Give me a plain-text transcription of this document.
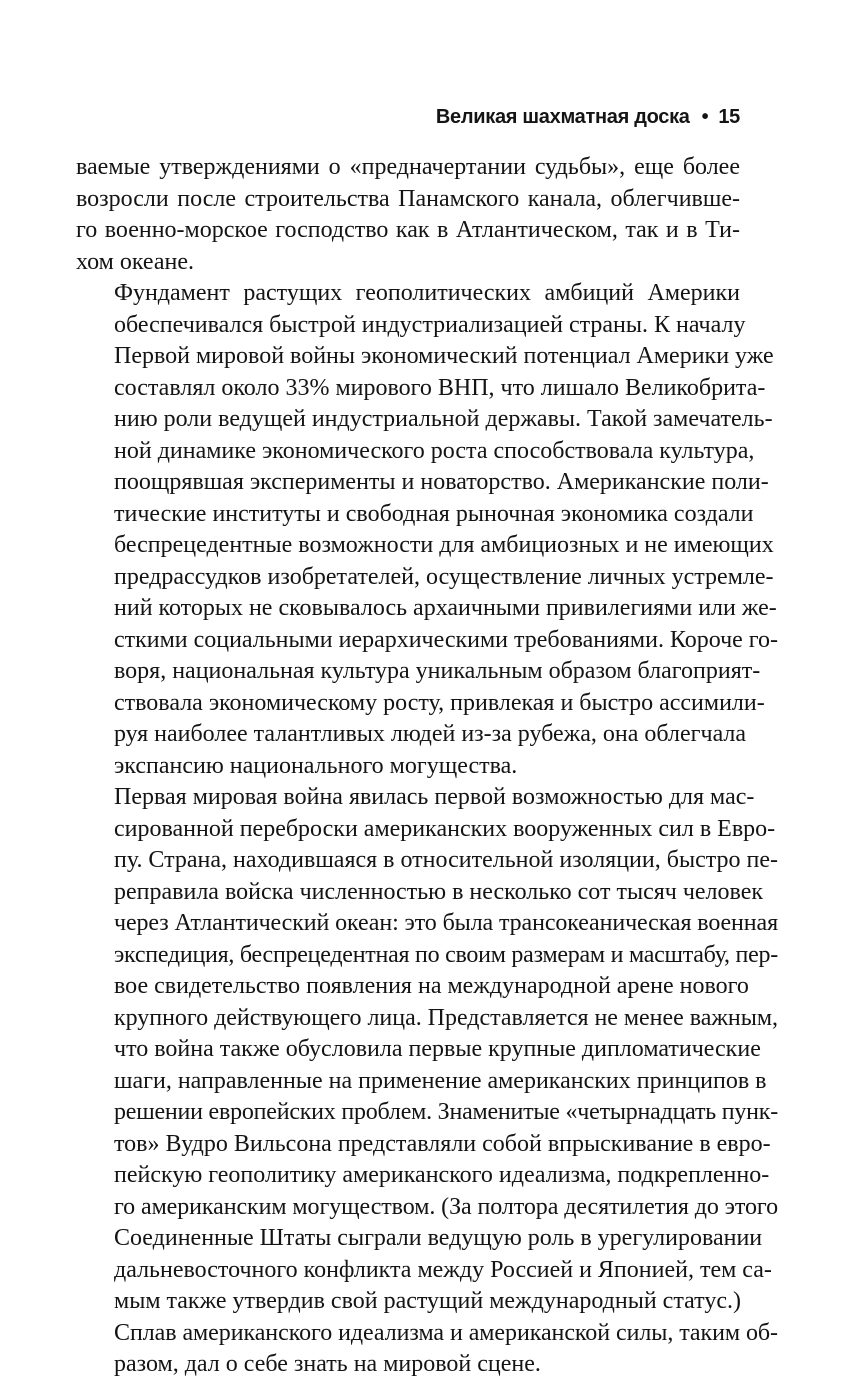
Великая шахматная доска • 15

ваемые утверждениями о «предначертании судьбы», еще более
возросли после строительства Панамского канала, облегчивше-
го военно-морское господство как в Атлантическом, так и в Ти-
хом океане.

Фундамент растущих геополитических амбиций Америки
обеспечивался быстрой индустриализацией страны. К началу
Первой мировой войны экономический потенциал Америки уже
составлял около 33% мирового ВНП, что лишало Великобрита-
нию роли ведущей индустриальной державы. Такой замечатель-
ной динамике экономического роста способствовала культура,
поощрявшая эксперименты и новаторство. Американские поли-
тические институты и свободная рыночная экономика создали
беспрецедентные возможности для амбициозных и не имеющих
предрассудков изобретателей, осуществление личных устремле-
ний которых не сковывалось архаичными привилегиями или же-
сткими социальными иерархическими требованиями. Короче го-
воря, национальная культура уникальным образом благоприят-
ствовала экономическому росту, привлекая и быстро ассимили-
руя наиболее талантливых людей из-за рубежа, она облегчала
экспансию национального могущества.

Первая мировая война явилась первой возможностью для мас-
сированной переброски американских вооруженных сил в Евро-
пу. Страна, находившаяся в относительной изоляции, быстро пе-
реправила войска численностью в несколько сот тысяч человек
через Атлантический океан: это была трансокеаническая военная
экспедиция, беспрецедентная по своим размерам и масштабу, пер-
вое свидетельство появления на международной арене нового
крупного действующего лица. Представляется не менее важным,
что война также обусловила первые крупные дипломатические
шаги, направленные на применение американских принципов в
решении европейских проблем. Знаменитые «четырнадцать пунк-
тов» Вудро Вильсона представляли собой впрыскивание в евро-
пейскую геополитику американского идеализма, подкрепленно-
го американским могуществом. (За полтора десятилетия до этого
Соединенные Штаты сыграли ведущую роль в урегулировании
дальневосточного конфликта между Россией и Японией, тем са-
мым также утвердив свой растущий международный статус.)
Сплав американского идеализма и американской силы, таким об-
разом, дал о себе знать на мировой сцене.
